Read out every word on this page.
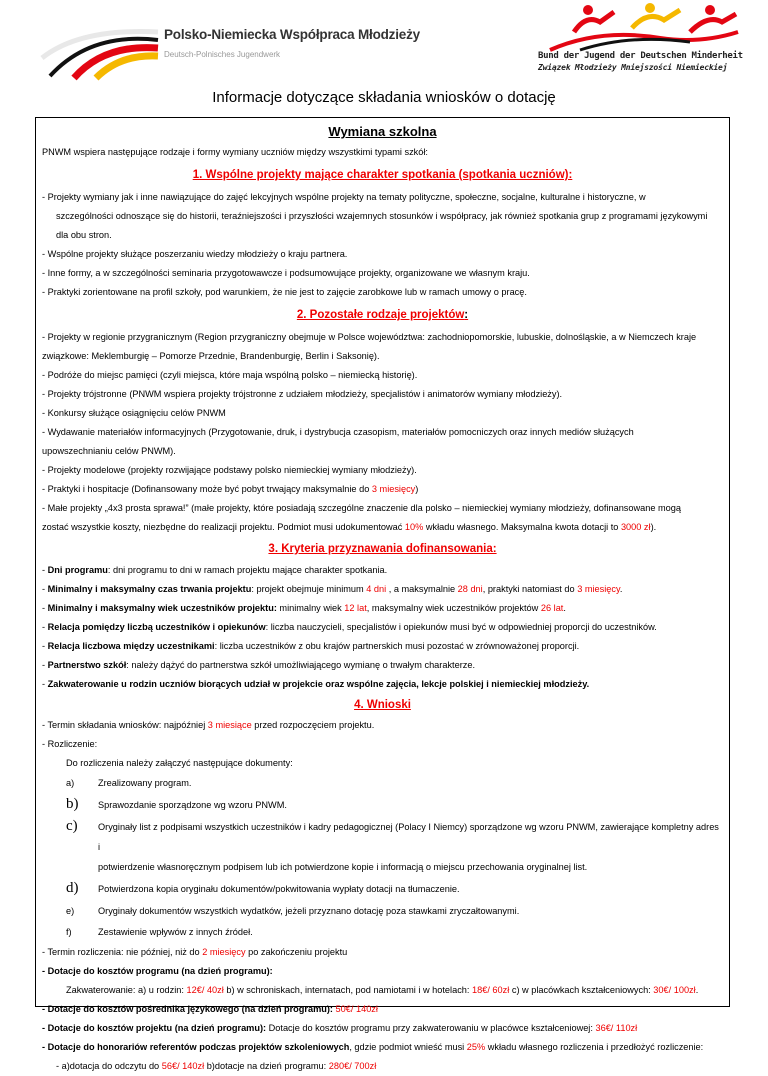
Polsko-Niemiecka Współpraca Młodzieży
Deutsch-Polnisches Jugendwerk	Bund der Jugend der Deutschen Minderheit
Związek Młodzieży Mniejszości Niemieckiej
Informacje dotyczące składania wniosków o dotację
Wymiana szkolna
PNWM wspiera następujące rodzaje i formy wymiany uczniów między wszystkimi typami szkół:
1. Wspólne projekty mające charakter spotkania (spotkania uczniów):
- Projekty wymiany jak i inne nawiązujące do zajęć lekcyjnych wspólne projekty na tematy polityczne, społeczne, socjalne, kulturalne i historyczne, w

szczególności odnoszące się do historii, teraźniejszości i przyszłości wzajemnych stosunków i współpracy, jak również spotkania grup z programami językowymi
dla obu stron.
- Wspólne projekty służące poszerzaniu wiedzy młodzieży o kraju partnera.
- Inne formy, a w szczególności seminaria przygotowawcze i podsumowujące projekty, organizowane we własnym kraju.
- Praktyki zorientowane na profil szkoły, pod warunkiem, że nie jest to zajęcie zarobkowe lub w ramach umowy o pracę.
2. Pozostałe rodzaje projektów:
- Projekty w regionie przygranicznym (Region przygraniczny obejmuje w Polsce województwa: zachodniopomorskie, lubuskie, dolnośląskie, a w Niemczech kraje
związkowe: Meklemburgię – Pomorze Przednie, Brandenburgię, Berlin i Saksonię).
- Podróże do miejsc pamięci (czyli miejsca, które maja wspólną polsko – niemiecką historię).
- Projekty trójstronne (PNWM wspiera projekty trójstronne z udziałem młodzieży, specjalistów i animatorów wymiany młodzieży).
- Konkursy służące osiągnięciu celów PNWM
- Wydawanie materiałów informacyjnych (Przygotowanie, druk, i dystrybucja czasopism, materiałów pomocniczych oraz innych mediów służących
upowszechnianiu celów PNWM).
- Projekty modelowe (projekty rozwijające podstawy polsko niemieckiej wymiany młodzieży).
- Praktyki i hospitacje (Dofinansowany może być pobyt trwający maksymalnie do 3 miesięcy)
- Małe projekty „4x3 prosta sprawa!” (małe projekty, które posiadają szczególne znaczenie dla polsko – niemieckiej wymiany młodzieży, dofinansowane mogą
zostać wszystkie koszty, niezbędne do realizacji projektu. Podmiot musi udokumentować 10% wkładu własnego. Maksymalna kwota dotacji to 3000 zł).
3. Kryteria przyznawania dofinansowania:
- Dni programu: dni programu to dni w ramach projektu mające charakter spotkania.
- Minimalny i maksymalny czas trwania projektu: projekt obejmuje minimum 4 dni , a maksymalnie 28 dni, praktyki natomiast do 3 miesięcy.
- Minimalny i maksymalny wiek uczestników projektu: minimalny wiek 12 lat, maksymalny wiek uczestników projektów 26 lat.
- Relacja pomiędzy liczbą uczestników i opiekunów: liczba nauczycieli, specjalistów i opiekunów musi być w odpowiedniej proporcji do uczestników.
- Relacja liczbowa między uczestnikami: liczba uczestników z obu krajów partnerskich musi pozostać w zrównoważonej proporcji.
- Partnerstwo szkół: należy dążyć do partnerstwa szkół umożliwiającego wymianę o trwałym charakterze.
- Zakwaterowanie u rodzin uczniów biorących udział w projekcie oraz wspólne zajęcia, lekcje polskiej i niemieckiej młodzieży.
4. Wnioski
- Termin składania wniosków: najpóźniej 3 miesiące przed rozpoczęciem projektu.
- Rozliczenie:
Do rozliczenia należy załączyć następujące dokumenty:
a)	Zrealizowany program.
b)	Sprawozdanie sporządzone wg wzoru PNWM.
c)	Oryginały list z podpisami wszystkich uczestników i kadry pedagogicznej (Polacy I Niemcy) sporządzone wg wzoru PNWM, zawierające kompletny adres i
potwierdzenie własnoręcznym podpisem lub ich potwierdzone kopie i informacją o miejscu przechowania oryginalnej list.
d)	Potwierdzona kopia oryginału dokumentów/pokwitowania wypłaty dotacji na tłumaczenie.
e)	Oryginały dokumentów wszystkich wydatków, jeżeli przyznano dotację poza stawkami zryczałtowanymi.
f)	Zestawienie wpływów z innych źródeł.
- Termin rozliczenia: nie później, niż do 2 miesięcy po zakończeniu projektu
- Dotacje do kosztów programu (na dzień programu):
Zakwaterowanie: a) u rodzin: 12€/ 40zł b) w schroniskach, internatach, pod namiotami i w hotelach: 18€/ 60zł c) w placówkach kształceniowych: 30€/ 100zł.
- Dotacje do kosztów pośrednika językowego (na dzień programu): 50€/ 140zł
- Dotacje do kosztów projektu (na dzień programu): Dotacje do kosztów programu przy zakwaterowaniu w placówce kształceniowej: 36€/ 110zł
- Dotacje do honorariów referentów podczas projektów szkoleniowych, gdzie podmiot wnieść musi 25% wkładu własnego rozliczenia i przedłożyć rozliczenie:
- a)dotacja do odczytu do 56€/ 140zł b)dotacje na dzień programu: 280€/ 700zł
